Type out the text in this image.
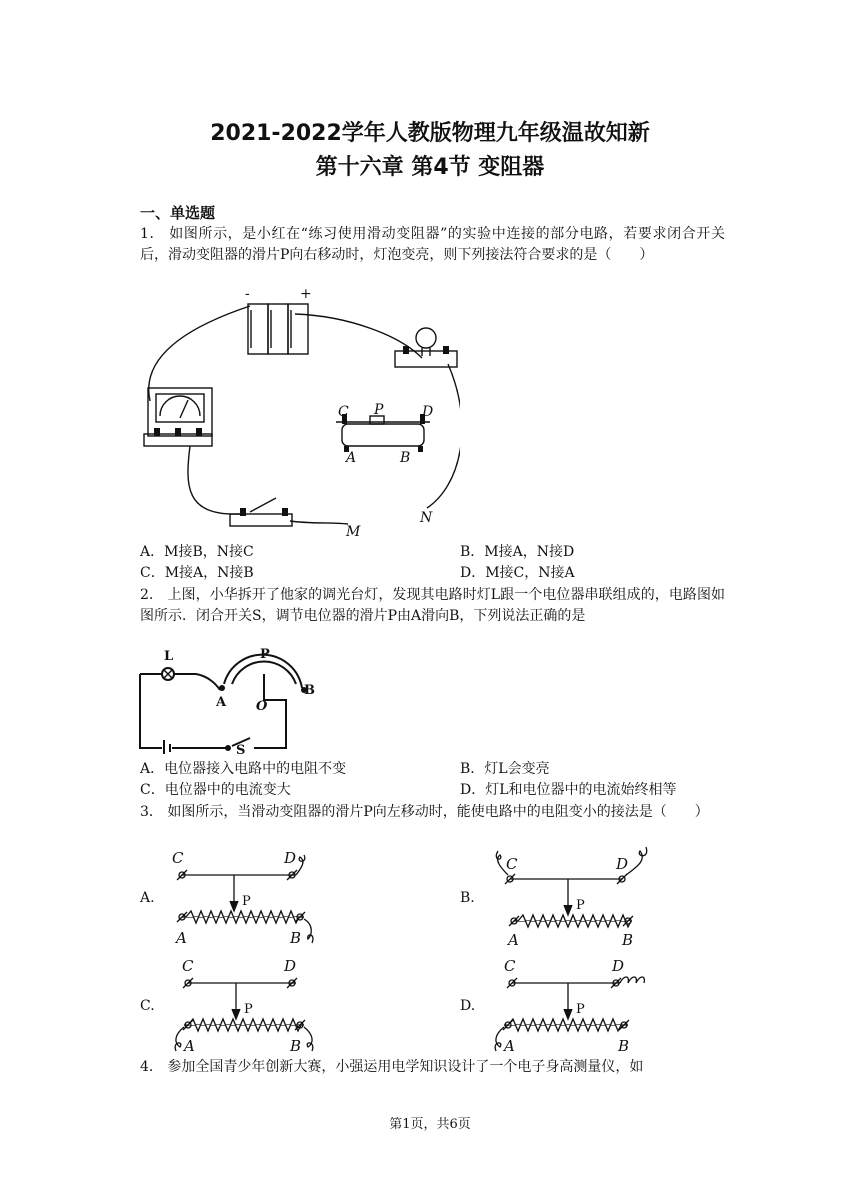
2021-2022学年人教版物理九年级温故知新
第十六章 第4节 变阻器
一、单选题
1． 如图所示，是小红在“练习使用滑动变阻器”的实验中连接的部分电路，若要求闭合开关后，滑动变阻器的滑片P向右移动时，灯泡变亮，则下列接法符合要求的是（　　）
-	+
C P	D
A	B
M
N
A．M接B，N接C	B．M接A，N接D
C．M接A，N接B	D．M接C，N接A
2． 上图，小华拆开了他家的调光台灯，发现其电路时灯L跟一个电位器串联组成的，电路图如图所示．闭合开关S，调节电位器的滑片P由A滑向B，下列说法正确的是
L	P
A O
B
S
A．电位器接入电路中的电阻不变	B．灯L会变亮
C．电位器中的电流变大	D．灯L和电位器中的电流始终相等
3． 如图所示，当滑动变阻器的滑片P向左移动时，能使电路中的电阻变小的接法是（　　）
A.	B.
C.	D.
C	D
P
A	B
C	D
P
A	B
C	D
P
A	B
C	D
P
A	B
4． 参加全国青少年创新大赛，小强运用电学知识设计了一个电子身高测量仪，如
第1页，共6页
